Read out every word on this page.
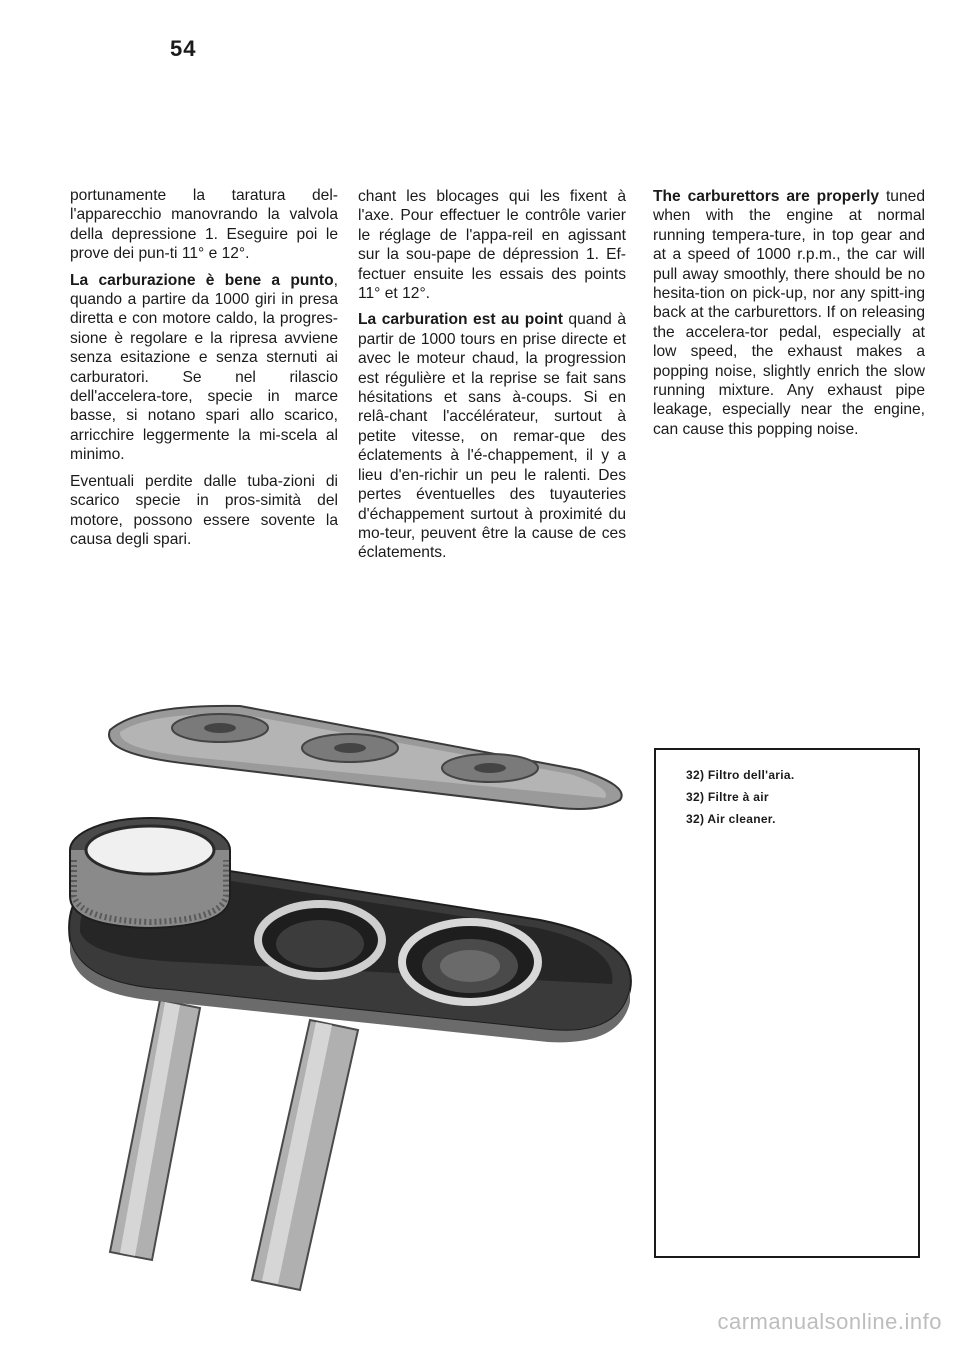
54

portunamente la taratura del-l'apparecchio manovrando la valvola della depressione 1. Eseguire poi le prove dei pun-ti 11° e 12°.

La carburazione è bene a punto, quando a partire da 1000 giri in presa diretta e con motore caldo, la progres-sione è regolare e la ripresa avviene senza esitazione e senza sternuti ai carburatori. Se nel rilascio dell'accelera-tore, specie in marce basse, si notano spari allo scarico, arricchire leggermente la mi-scela al minimo.

Eventuali perdite dalle tuba-zioni di scarico specie in pros-simità del motore, possono essere sovente la causa degli spari.

chant les blocages qui les fixent à l'axe. Pour effectuer le contrôle varier le réglage de l'appa-reil en agissant sur la sou-pape de dépression 1. Ef-fectuer ensuite les essais des points 11° et 12°.

La carburation est au point quand à partir de 1000 tours en prise directe et avec le moteur chaud, la progression est régulière et la reprise se fait sans hésitations et sans à-coups. Si en relâ-chant l'accélérateur, surtout à petite vitesse, on remar-que des éclatements à l'é-chappement, il y a lieu d'en-richir un peu le ralenti. Des pertes éventuelles des tuyauteries d'échappement surtout à proximité du mo-teur, peuvent être la cause de ces éclatements.

The carburettors are properly tuned when with the engine at normal running tempera-ture, in top gear and at a speed of 1000 r.p.m., the car will pull away smoothly, there should be no hesita-tion on pick-up, nor any spitt-ing back at the carburettors. If on releasing the accelera-tor pedal, especially at low speed, the exhaust makes a popping noise, slightly enrich the slow running mixture. Any exhaust pipe leakage, especially near the engine, can cause this popping noise.

32) Filtro dell'aria.
32) Filtre à air
32) Air cleaner.
carmanualsonline.info
